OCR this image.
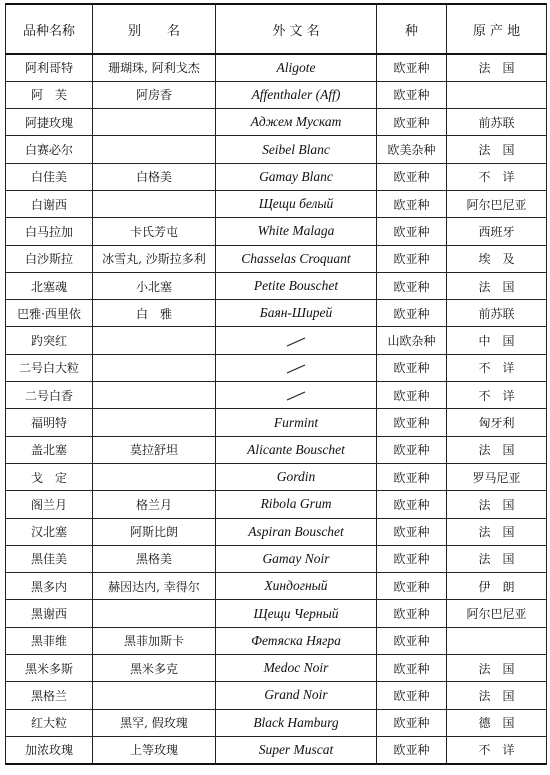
品种名称	别　　名	外 文 名	种	原 产 地
阿利哥特	珊瑚珠, 阿利戈杰	Aligote	欧亚种	法　国
阿　芙	阿房香	Affenthaler (Aff)	欧亚种	
阿捷玫瑰		Аджем Мускат	欧亚种	前苏联
白赛必尔		Seibel Blanc	欧美杂种	法　国
白佳美	白格美	Gamay Blanc	欧亚种	不　详
白谢西		Щещи белый	欧亚种	阿尔巴尼亚
白马拉加	卡氏芳屯	White Malaga	欧亚种	西班牙
白沙斯拉	冰雪丸, 沙斯拉多利	Chasselas Croquant	欧亚种	埃　及
北塞魂	小北塞	Petite Bouschet	欧亚种	法　国
巴雅·西里依	白　雅	Баян-Ширей	欧亚种	前苏联
趵突红			山欧杂种	中　国
二号白大粒			欧亚种	不　详
二号白香			欧亚种	不　详
福明特		Furmint	欧亚种	匈牙利
盖北塞	莫拉舒坦	Alicante Bouschet	欧亚种	法　国
戈　定		Gordin	欧亚种	罗马尼亚
阁兰月	格兰月	Ribola Grum	欧亚种	法　国
汉北塞	阿斯比朗	Aspiran Bouschet	欧亚种	法　国
黑佳美	黑格美	Gamay Noir	欧亚种	法　国
黑多内	赫因达内, 幸得尔	Хиндогный	欧亚种	伊　朗
黑谢西		Щещи Черный	欧亚种	阿尔巴尼亚
黑菲维	黑菲加斯卡	Фетяска Нягра	欧亚种	
黑米多斯	黑米多克	Medoc Noir	欧亚种	法　国
黑格兰		Grand Noir	欧亚种	法　国
红大粒	黑罕, 假玫瑰	Black Hamburg	欧亚种	德　国
加浓玫瑰	上等玫瑰	Super Muscat	欧亚种	不　详
